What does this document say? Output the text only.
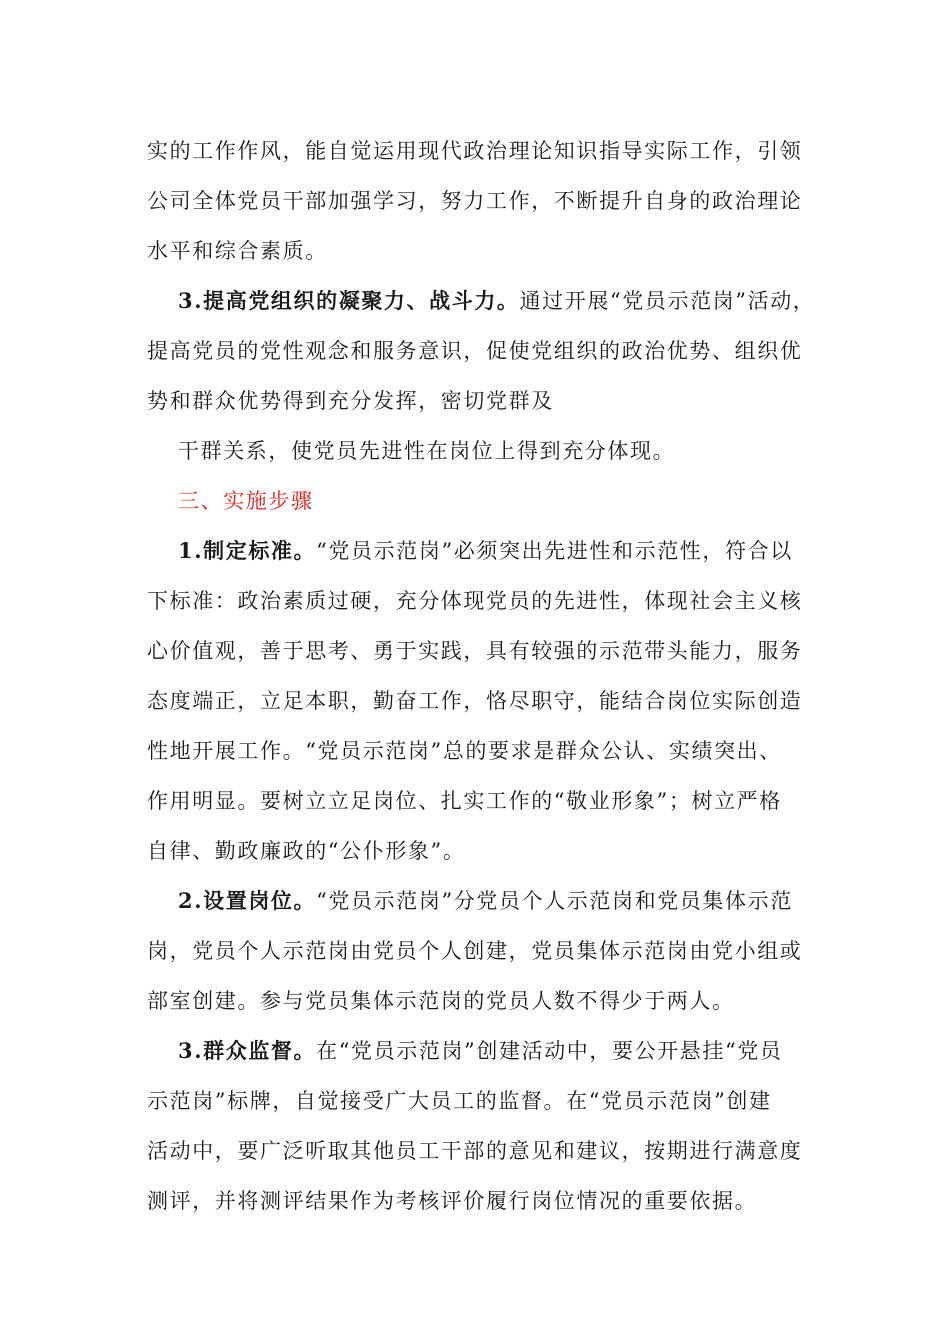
实的工作作风，能自觉运用现代政治理论知识指导实际工作，引领
公司全体党员干部加强学习，努力工作，不断提升自身的政治理论
水平和综合素质。
3.提高党组织的凝聚力、战斗力。通过开展“党员示范岗”活动，
提高党员的党性观念和服务意识，促使党组织的政治优势、组织优
势和群众优势得到充分发挥，密切党群及
干群关系，使党员先进性在岗位上得到充分体现。
三、实施步骤
1.制定标准。“党员示范岗”必须突出先进性和示范性，符合以
下标准：政治素质过硬，充分体现党员的先进性，体现社会主义核
心价值观，善于思考、勇于实践，具有较强的示范带头能力，服务
态度端正，立足本职，勤奋工作，恪尽职守，能结合岗位实际创造
性地开展工作。“党员示范岗”总的要求是群众公认、实绩突出、
作用明显。要树立立足岗位、扎实工作的“敬业形象”；树立严格
自律、勤政廉政的“公仆形象”。
2.设置岗位。“党员示范岗”分党员个人示范岗和党员集体示范
岗，党员个人示范岗由党员个人创建，党员集体示范岗由党小组或
部室创建。参与党员集体示范岗的党员人数不得少于两人。
3.群众监督。在“党员示范岗”创建活动中，要公开悬挂“党员
示范岗”标牌，自觉接受广大员工的监督。在“党员示范岗”创建
活动中，要广泛听取其他员工干部的意见和建议，按期进行满意度
测评，并将测评结果作为考核评价履行岗位情况的重要依据。
